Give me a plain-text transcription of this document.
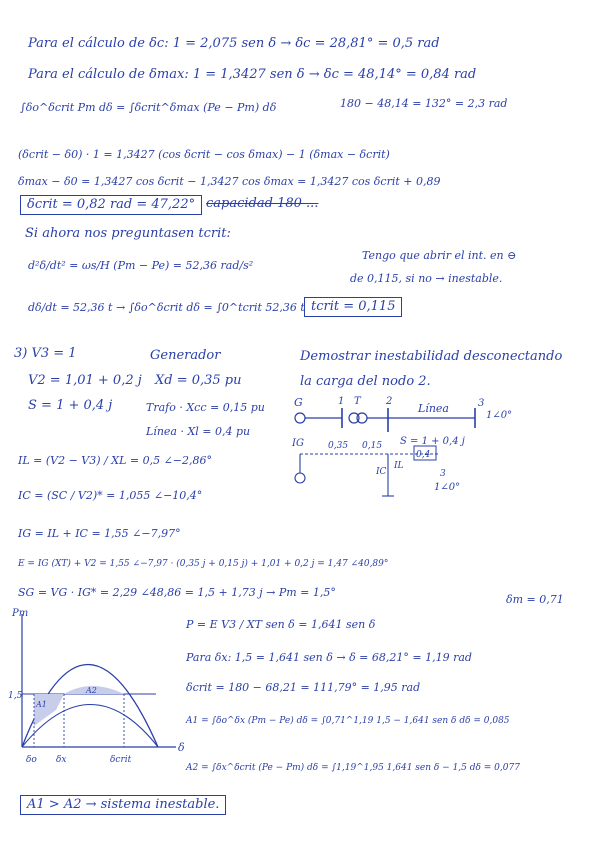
Para el cálculo de δc: 1 = 2,075 sen δ → δc = 28,81° = 0,5 rad
Para el cálculo de δmax: 1 = 1,3427 sen δ → δc = 48,14° = 0,84 rad
∫δo^δcrit Pm dδ = ∫δcrit^δmax (Pe − Pm) dδ	180 − 48,14 = 132° = 2,3 rad
(δcrit − δ0) · 1 = 1,3427 (cos δcrit − cos δmax) − 1 (δmax − δcrit)
δmax − δ0 = 1,3427 cos δcrit − 1,3427 cos δmax = 1,3427 cos δcrit + 0,89
δcrit = 0,82 rad = 47,22° capacidad 180 ...
Si ahora nos preguntasen tcrit:
d²δ/dt² = ωs/H (Pm − Pe) = 52,36 rad/s²
Tengo que abrir el int. en ⊖
de 0,115, si no → inestable.
dδ/dt = 52,36 t → ∫δo^δcrit dδ = ∫0^tcrit 52,36 t tcrit = 0,115
3) V3 = 1
V2 = 1,01 + 0,2 j
S = 1 + 0,4 j
Generador
Xd = 0,35 pu
Trafo · Xcc = 0,15 pu
Línea · Xl = 0,4 pu
Demostrar inestabilidad desconectando
la carga del nodo 2.
G	1 T	2
Línea	3
1∠0°
S = 1 + 0,4 j
IG	0,35 0,15
IC
0,4
IL
3
1∠0°
IL = (V2 − V3) / XL = 0,5 ∠−2,86°
IC = (SC / V2)* = 1,055 ∠−10,4°
IG = IL + IC = 1,55 ∠−7,97°
E = IG (XT) + V2 = 1,55 ∠−7,97 · (0,35 j + 0,15 j) + 1,01 + 0,2 j = 1,47 ∠40,89°
SG = VG · IG* = 2,29 ∠48,86 = 1,5 + 1,73 j → Pm = 1,5°
δm = 0,71
Pm
δ
1,5
A1
A2
δo δx	δcrit
P = E V3 / XT sen δ = 1,641 sen δ
Para δx: 1,5 = 1,641 sen δ → δ = 68,21° = 1,19 rad
δcrit = 180 − 68,21 = 111,79° = 1,95 rad
A1 = ∫δo^δx (Pm − Pe) dδ = ∫0,71^1,19 1,5 − 1,641 sen δ dδ = 0,085
A2 = ∫δx^δcrit (Pe − Pm) dδ = ∫1,19^1,95 1,641 sen δ − 1,5 dδ = 0,077
A1 > A2 → sistema inestable.
